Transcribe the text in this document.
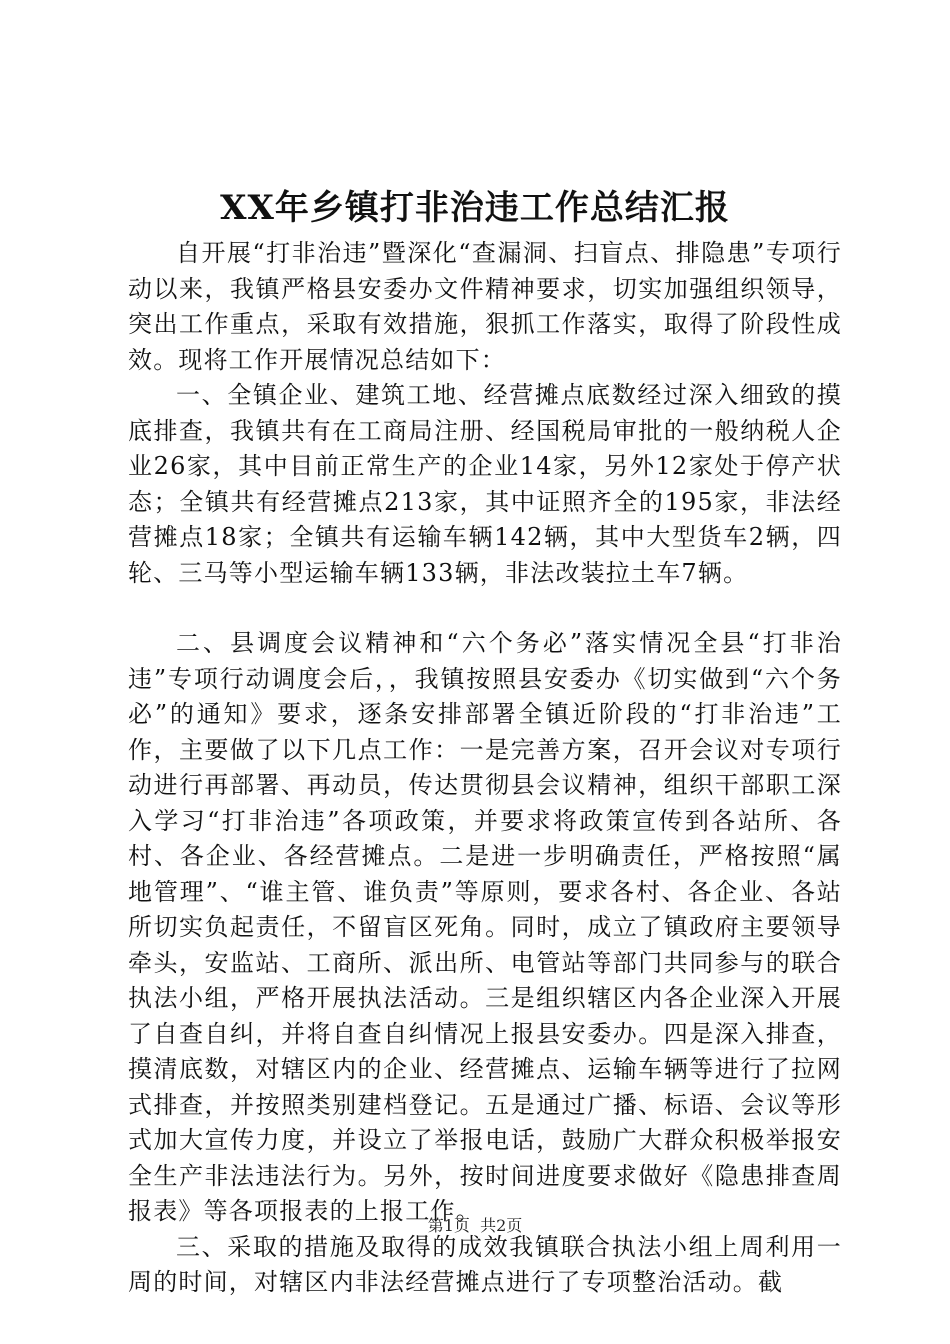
XX年乡镇打非治违工作总结汇报

自开展“打非治违”暨深化“查漏洞、扫盲点、排隐患”专项行动以来，我镇严格县安委办文件精神要求，切实加强组织领导，突出工作重点，采取有效措施，狠抓工作落实，取得了阶段性成效。现将工作开展情况总结如下：

一、全镇企业、建筑工地、经营摊点底数经过深入细致的摸底排查，我镇共有在工商局注册、经国税局审批的一般纳税人企业26家，其中目前正常生产的企业14家，另外12家处于停产状态；全镇共有经营摊点213家，其中证照齐全的195家，非法经营摊点18家；全镇共有运输车辆142辆，其中大型货车2辆，四轮、三马等小型运输车辆133辆，非法改装拉土车7辆。

二、县调度会议精神和“六个务必”落实情况全县“打非治违”专项行动调度会后，，我镇按照县安委办《切实做到“六个务必”的通知》要求，逐条安排部署全镇近阶段的“打非治违”工作，主要做了以下几点工作：一是完善方案，召开会议对专项行动进行再部署、再动员，传达贯彻县会议精神，组织干部职工深入学习“打非治违”各项政策，并要求将政策宣传到各站所、各村、各企业、各经营摊点。二是进一步明确责任，严格按照“属地管理”、“谁主管、谁负责”等原则，要求各村、各企业、各站所切实负起责任，不留盲区死角。同时，成立了镇政府主要领导牵头，安监站、工商所、派出所、电管站等部门共同参与的联合执法小组，严格开展执法活动。三是组织辖区内各企业深入开展了自查自纠，并将自查自纠情况上报县安委办。四是深入排查，摸清底数，对辖区内的企业、经营摊点、运输车辆等进行了拉网式排查，并按照类别建档登记。五是通过广播、标语、会议等形式加大宣传力度，并设立了举报电话，鼓励广大群众积极举报安全生产非法违法行为。另外，按时间进度要求做好《隐患排查周报表》等各项报表的上报工作。

三、采取的措施及取得的成效我镇联合执法小组上周利用一周的时间，对辖区内非法经营摊点进行了专项整治活动。截

第1页  共2页
